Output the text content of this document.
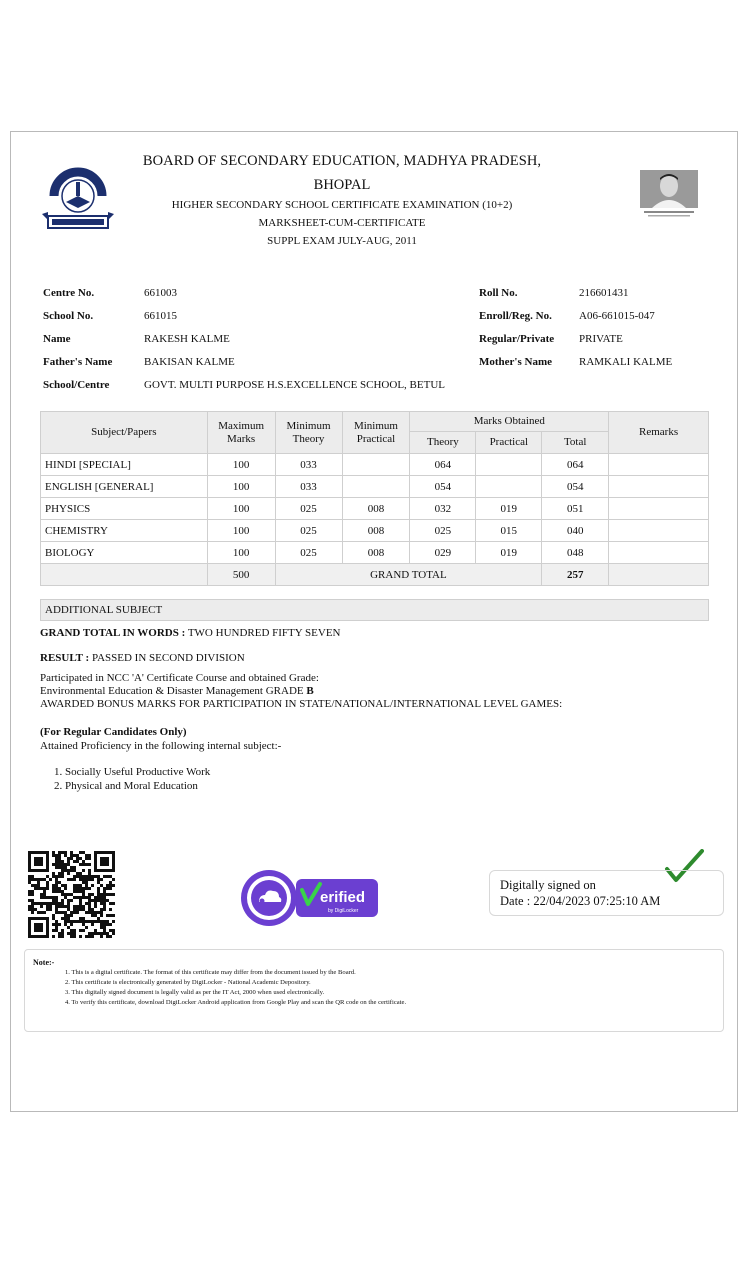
BOARD OF SECONDARY EDUCATION, MADHYA PRADESH,
BHOPAL
HIGHER SECONDARY SCHOOL CERTIFICATE EXAMINATION (10+2)
MARKSHEET-CUM-CERTIFICATE
SUPPL EXAM JULY-AUG, 2011
Centre No.	661003
School No.	661015
Name	RAKESH KALME
Father's Name	BAKISAN KALME
School/Centre	GOVT. MULTI PURPOSE H.S.EXCELLENCE SCHOOL, BETUL
Roll No.	216601431
Enroll/Reg. No. A06-661015-047
Regular/Private PRIVATE
Mother's Name RAMKALI KALME
Subject/Papers	Maximum Marks	Minimum Theory	Minimum Practical	Marks Obtained			Remarks
				Theory	Practical	Total	
HINDI [SPECIAL]	100	033		064		064	
ENGLISH [GENERAL]	100	033		054		054	
PHYSICS	100	025	008	032	019	051	
CHEMISTRY	100	025	008	025	015	040	
BIOLOGY	100	025	008	029	019	048	
	500	GRAND TOTAL				257	
ADDITIONAL SUBJECT
GRAND TOTAL IN WORDS : TWO HUNDRED FIFTY SEVEN
RESULT : PASSED IN SECOND DIVISION
Participated in NCC 'A' Certificate Course and obtained Grade:
Environmental Education & Disaster Management GRADE B
AWARDED BONUS MARKS FOR PARTICIPATION IN STATE/NATIONAL/INTERNATIONAL LEVEL GAMES:
(For Regular Candidates Only)
Attained Proficiency in the following internal subject:-
1. Socially Useful Productive Work
2. Physical and Moral Education
erified
by DigiLocker
Digitally signed on
Date : 22/04/2023 07:25:10 AM
Note:-
1. This is a digital certificate. The format of this certificate may differ from the document issued by the Board.
2. This certificate is electronically generated by DigiLocker - National Academic Depository.
3. This digitally signed document is legally valid as per the IT Act, 2000 when used electronically.
4. To verify this certificate, download DigiLocker Android application from Google Play and scan the QR code on the certificate.
